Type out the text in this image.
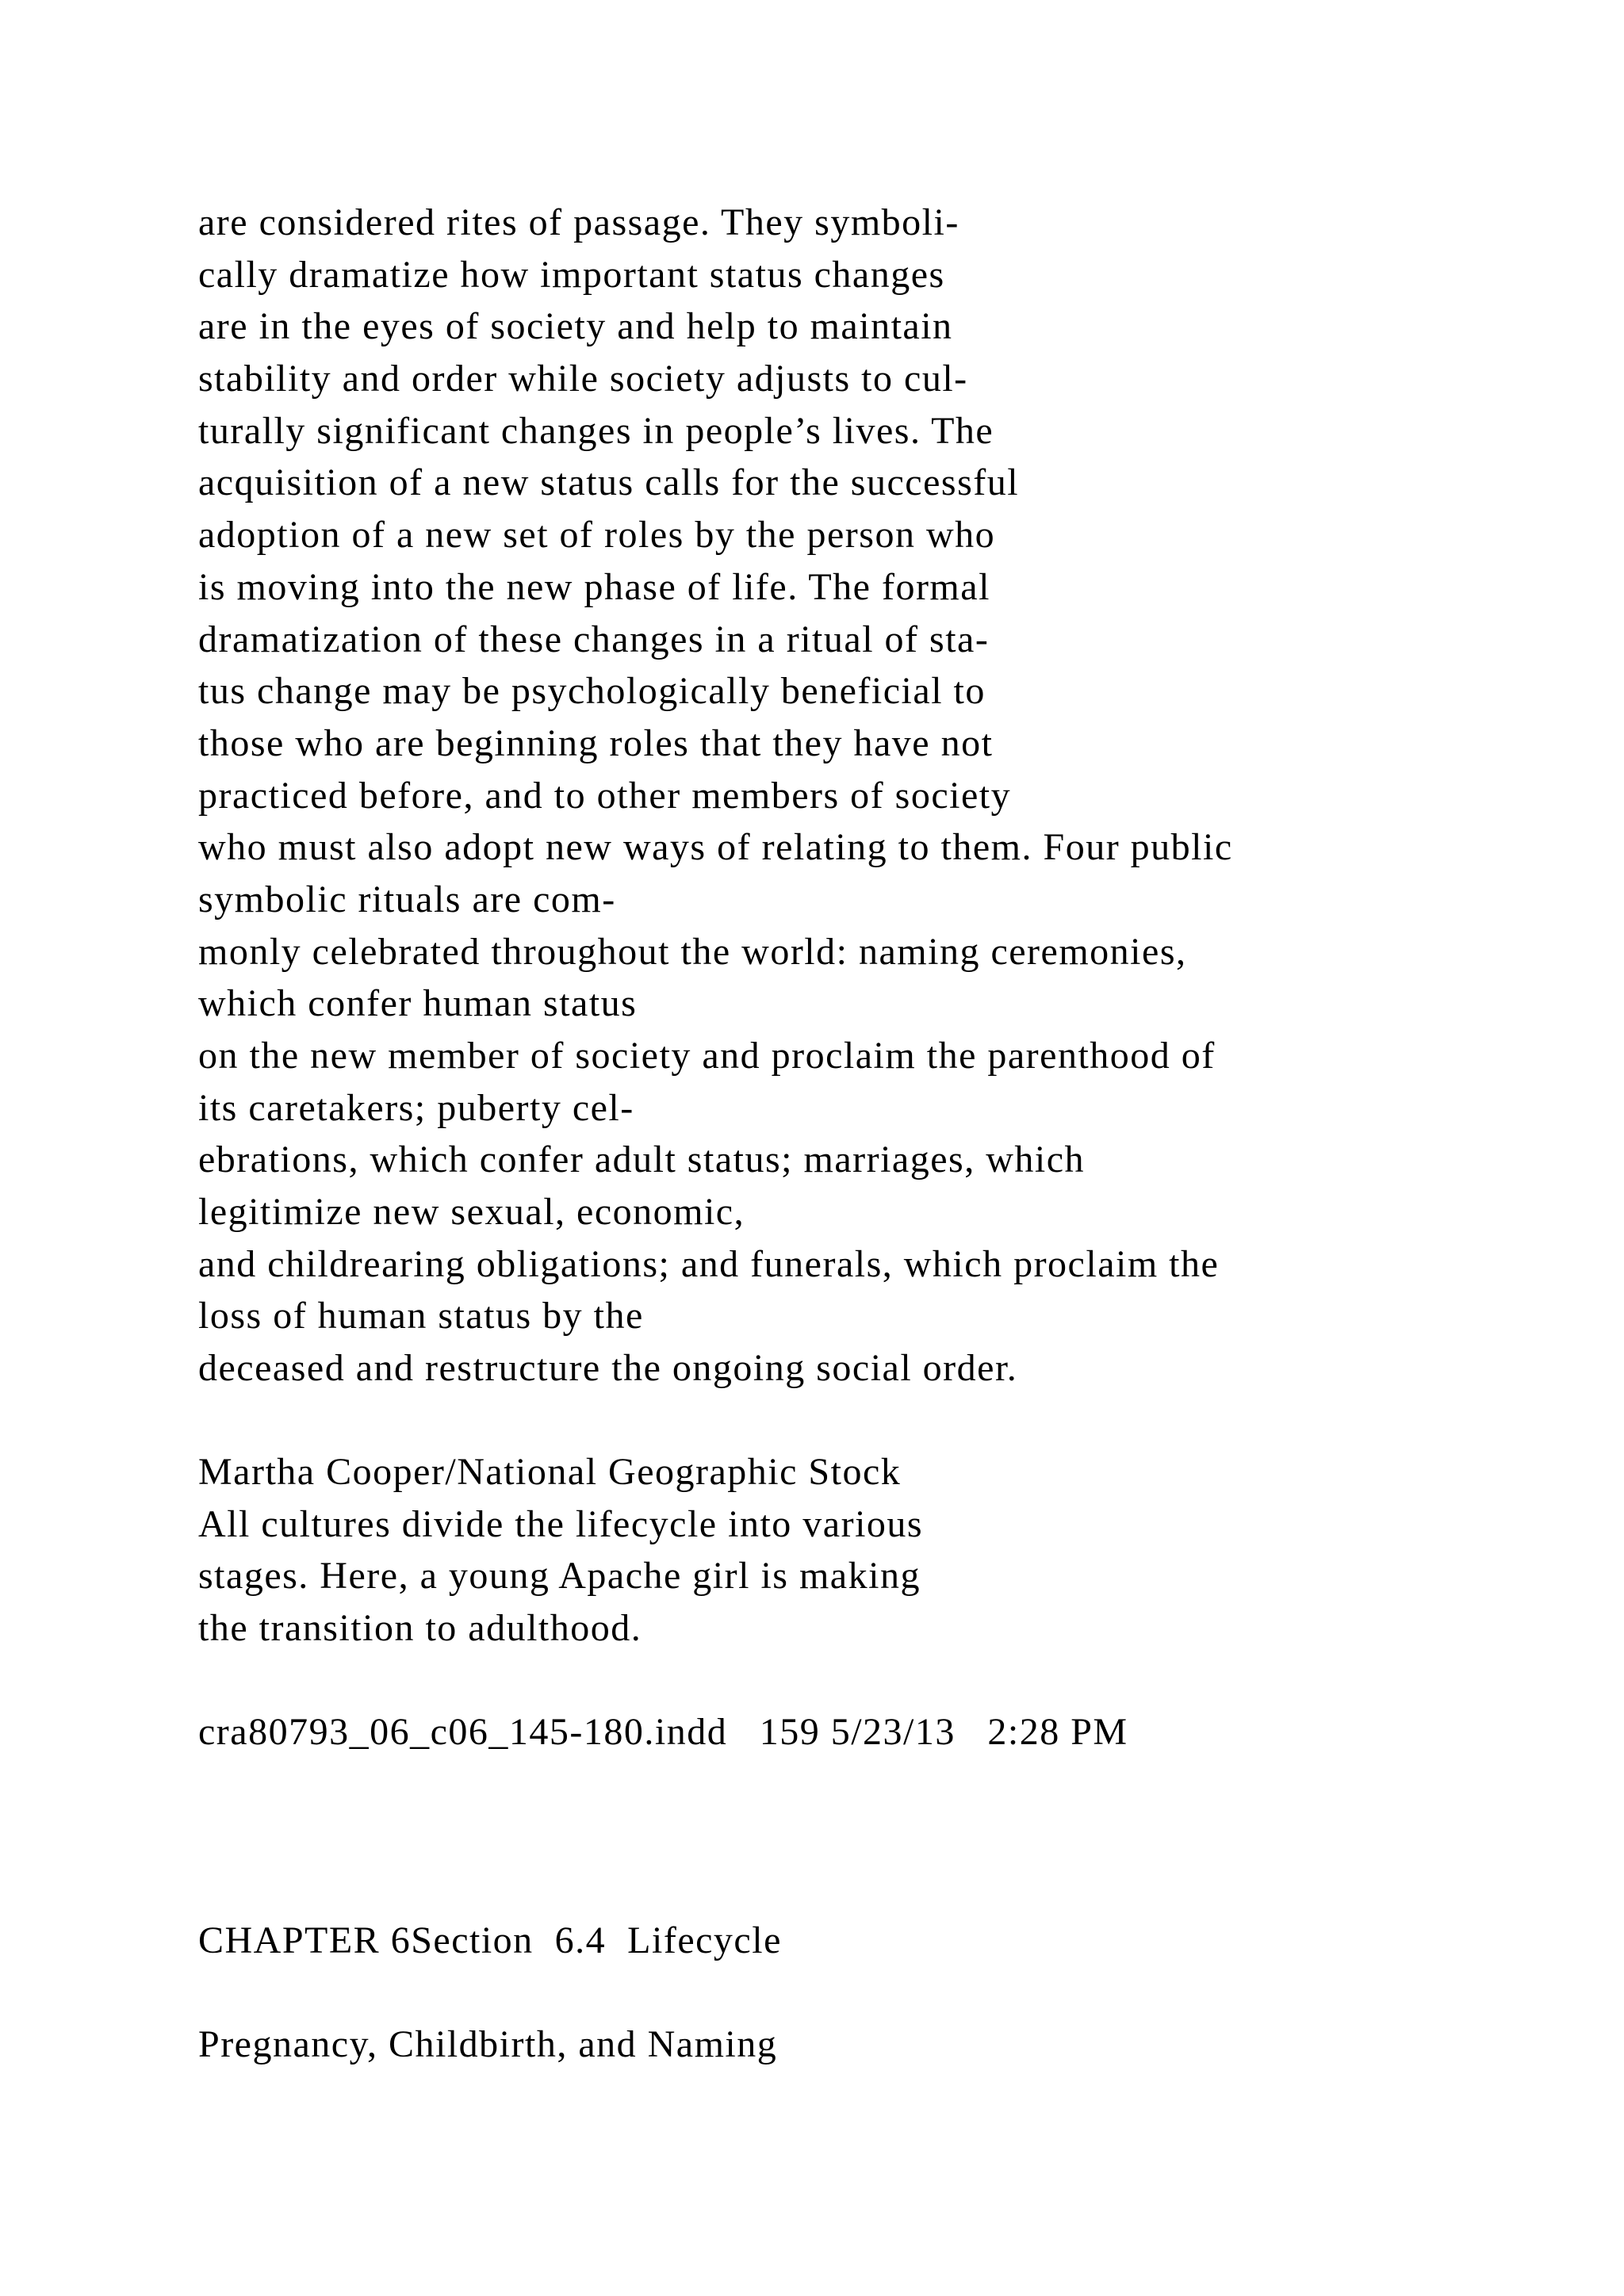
are considered rites of passage. They symboli-
cally dramatize how important status changes
are in the eyes of society and help to maintain
stability and order while society adjusts to cul-
turally significant changes in people’s lives. The
acquisition of a new status calls for the successful
adoption of a new set of roles by the person who
is moving into the new phase of life. The formal
dramatization of these changes in a ritual of sta-
tus change may be psychologically beneficial to
those who are beginning roles that they have not
practiced before, and to other members of society
who must also adopt new ways of relating to them. Four public
symbolic rituals are com-
monly celebrated throughout the world: naming ceremonies,
which confer human status
on the new member of society and proclaim the parenthood of
its caretakers; puberty cel-
ebrations, which confer adult status; marriages, which
legitimize new sexual, economic,
and childrearing obligations; and funerals, which proclaim the
loss of human status by the
deceased and restructure the ongoing social order.
Martha Cooper/National Geographic Stock
All cultures divide the lifecycle into various
stages. Here, a young Apache girl is making
the transition to adulthood.
cra80793_06_c06_145-180.indd   159 5/23/13   2:28 PM
CHAPTER 6Section  6.4  Lifecycle
Pregnancy, Childbirth, and Naming
